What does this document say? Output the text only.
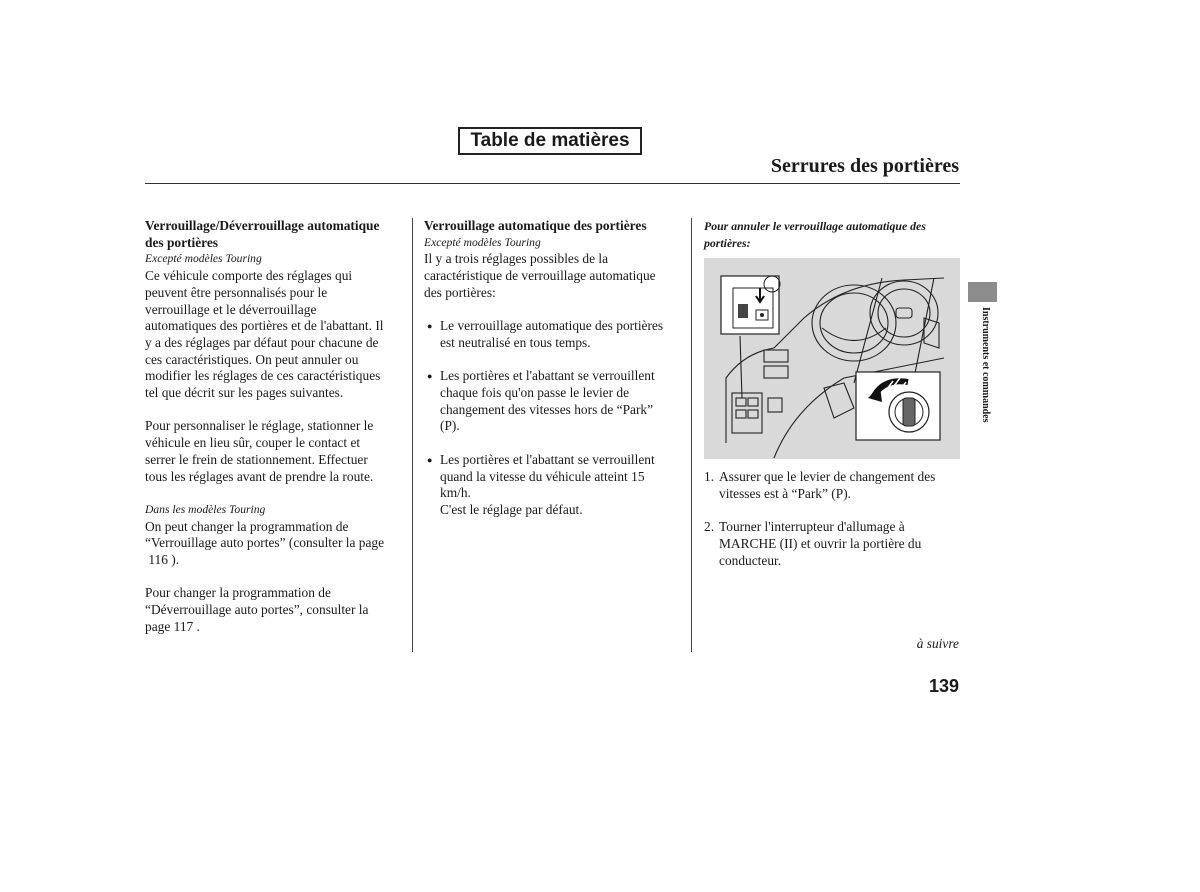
Table de matières
Serrures des portières

Verrouillage/Déverrouillage automatique

des portières

Excepté modèles Touring

Ce véhicule comporte des réglages qui

peuvent être personnalisés pour le

verrouillage et le déverrouillage

automatiques des portières et de l'abattant. Il

y a des réglages par défaut pour chacune de

ces caractéristiques. On peut annuler ou

modifier les réglages de ces caractéristiques

tel que décrit sur les pages suivantes.

Pour personnaliser le réglage, stationner le

véhicule en lieu sûr, couper le contact et

serrer le frein de stationnement. Effectuer

tous les réglages avant de prendre la route.

Dans les modèles Touring

On peut changer la programmation de

“Verrouillage auto portes” (consulter la page

116 ).

Pour changer la programmation de

“Déverrouillage auto portes”, consulter la

page 117 .

Verrouillage automatique des portières

Excepté modèles Touring

Il y a trois réglages possibles de la

caractéristique de verrouillage automatique

des portières:

● Le verrouillage automatique des portières

est neutralisé en tous temps.

● Les portières et l'abattant se verrouillent

chaque fois qu'on passe le levier de

changement des vitesses hors de “Park”

(P).

● Les portières et l'abattant se verrouillent

quand la vitesse du véhicule atteint 15

km/h.

C'est le réglage par défaut.

Pour annuler le verrouillage automatique des

portières:

1. Assurer que le levier de changement des

vitesses est à “Park” (P).

2. Tourner l'interrupteur d'allumage à

MARCHE (II) et ouvrir la portière du

conducteur.

Instruments et commandes
à suivre
139
